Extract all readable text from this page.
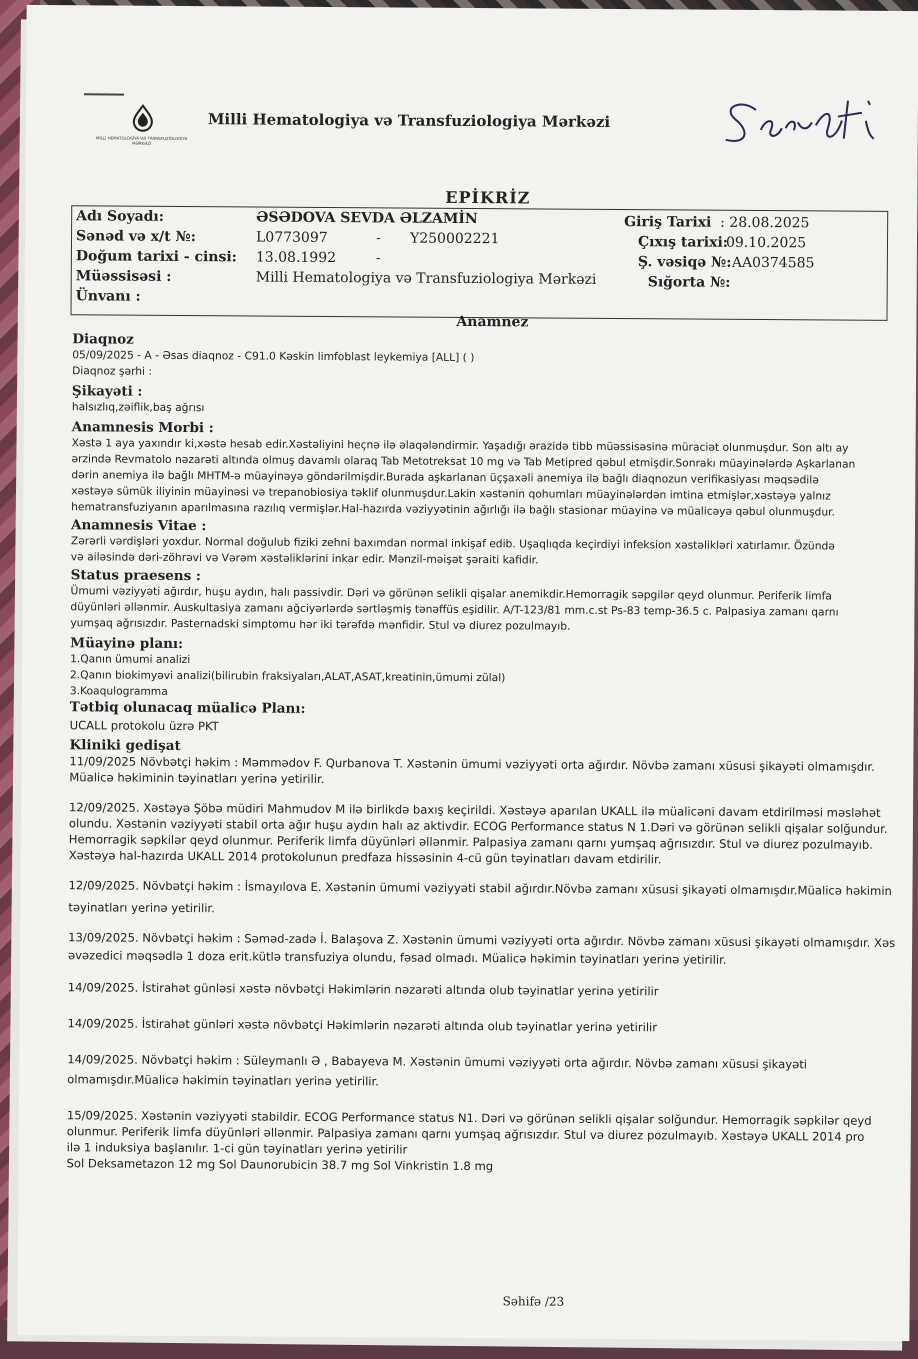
MİLLİ HEMATOLOGİYA VƏ TRANSFUZİOLOGİYA MƏRKƏZİ
Milli Hematologiya və Transfuziologiya Mərkəzi
EPİKRİZ
Adı Soyadı:	ƏSƏDOVA SEVDA ƏLZAMİN
Sənəd və x/t №:	L0773097	- Y250002221
Doğum tarixi - cinsi: 13.08.1992	-
Müəssisəsi :	Milli Hematologiya və Transfuziologiya Mərkəzi
Ünvanı :
Giriş Tarixi : 28.08.2025
Çıxış tarixi:
09.10.2025
Ş. vəsiqə №: AA0374585
Sığorta №:
Anamnez

Diaqnoz

05/09/2025 - A - Əsas diaqnoz - C91.0 Kəskin limfoblast leykemiya [ALL] ( )

Diaqnoz şərhi :

Şikayəti :

halsızlıq,zəiflik,baş ağrısı

Anamnesis Morbi :

Xəstə 1 aya yaxındır ki,xəstə hesab edir.Xəstəliyini heçnə ilə əlaqələndirmir. Yaşadığı ərazidə tibb müəssisəsinə müraciət olunmuşdur. Son altı ay

ərzində Revmatolo nəzarəti altında olmuş davamlı olaraq Tab Metotreksat 10 mg və Tab Metipred qəbul etmişdir.Sonrakı müayinələrdə Aşkarlanan

dərin anemiya ilə bağlı MHTM-ə müayinəyə göndərilmişdir.Burada aşkarlanan üçşaxəli anemiya ilə bağlı diaqnozun verifikasiyası məqsədilə

xəstəyə sümük iliyinin müayinəsi və trepanobiosiya təklif olunmuşdur.Lakin xəstənin qohumları müayinələrdən imtina etmişlər,xəstəyə yalnız

hematransfuziyanın aparılmasına razılıq vermişlər.Hal-hazırda vəziyyətinin ağırlığı ilə bağlı stasionar müayinə və müalicəyə qəbul olunmuşdur.

Anamnesis Vitae :

Zərərli vərdişləri yoxdur. Normal doğulub fiziki zehni baxımdan normal inkişaf edib. Uşaqlıqda keçirdiyi infeksion xəstəlikləri xatırlamır. Özündə

və ailəsində dəri-zöhrəvi və Vərəm xəstəliklərini inkar edir. Mənzil-məişət şəraiti kafidir.

Status praesens :

Ümumi vəziyyəti ağırdır, huşu aydın, halı passivdir. Dəri və görünən selikli qişalar anemikdir.Hemorragik səpgilər qeyd olunmur. Periferik limfa

düyünləri əllənmir. Auskultasiya zamanı ağciyərlərdə sərtləşmiş tənəffüs eşidilir. A/T-123/81 mm.c.st Ps-83 temp-36.5 c. Palpasiya zamanı qarnı

yumşaq ağrısızdır. Pasternadski simptomu hər iki tərəfdə mənfidir. Stul və diurez pozulmayıb.

Müayinə planı:

1.Qanın ümumi analizi

2.Qanın biokimyəvi analizi(bilirubin fraksiyaları,ALAT,ASAT,kreatinin,ümumi zülal)

3.Koaqulogramma

Tətbiq olunacaq müalicə Planı:

UCALL protokolu üzrə PKT

Kliniki gedişat

11/09/2025 Növbətçi həkim : Məmmədov F. Qurbanova T. Xəstənin ümumi vəziyyəti orta ağırdır. Növbə zamanı xüsusi şikayəti olmamışdır.

Müalicə həkiminin təyinatları yerinə yetirilir.

12/09/2025. Xəstəyə Şöbə müdiri Mahmudov M ilə birlikdə baxış keçirildi. Xəstəyə aparılan UKALL ilə müalicəni davam etdirilməsi məsləhət

olundu. Xəstənin vəziyyəti stabil orta ağır huşu aydın halı az aktivdir. ECOG Performance status N 1.Dəri və görünən selikli qişalar solğundur.

Hemorragik səpkilər qeyd olunmur. Periferik limfa düyünləri əllənmir. Palpasiya zamanı qarnı yumşaq ağrısızdır. Stul və diurez pozulmayıb.

Xəstəyə hal-hazırda UKALL 2014 protokolunun predfaza hissəsinin 4-cü gün təyinatları davam etdirilir.

12/09/2025. Növbətçi həkim : İsmayılova E. Xəstənin ümumi vəziyyəti stabil ağırdır.Növbə zamanı xüsusi şikayəti olmamışdır.Müalicə həkimin

təyinatları yerinə yetirilir.

13/09/2025. Növbətçi həkim : Səməd-zadə İ. Balaşova Z. Xəstənin ümumi vəziyyəti orta ağırdır. Növbə zamanı xüsusi şikayəti olmamışdır. Xəs

əvəzedici məqsədlə 1 doza erit.kütlə transfuziya olundu, fəsad olmadı. Müalicə həkimin təyinatları yerinə yetirilir.

14/09/2025. İstirahət günləsi xəstə növbətçi Həkimlərin nəzarəti altında olub təyinatlar yerinə yetirilir

14/09/2025. İstirahət günləri xəstə növbətçi Həkimlərin nəzarəti altında olub təyinatlar yerinə yetirilir

14/09/2025. Növbətçi həkim : Süleymanlı Ə , Babayeva M. Xəstənin ümumi vəziyyəti orta ağırdır. Növbə zamanı xüsusi şikayəti

olmamışdır.Müalicə həkimin təyinatları yerinə yetirilir.

15/09/2025. Xəstənin vəziyyəti stabildir. ECOG Performance status N1. Dəri və görünən selikli qişalar solğundur. Hemorragik səpkilər qeyd

olunmur. Periferik limfa düyünləri əllənmir. Palpasiya zamanı qarnı yumşaq ağrısızdır. Stul və diurez pozulmayıb. Xəstəyə UKALL 2014 pro

ilə 1 induksiya başlanılır. 1-ci gün təyinatları yerinə yetirilir

Sol Deksametazon 12 mg Sol Daunorubicin 38.7 mg Sol Vinkristin 1.8 mg

Səhifə /23
